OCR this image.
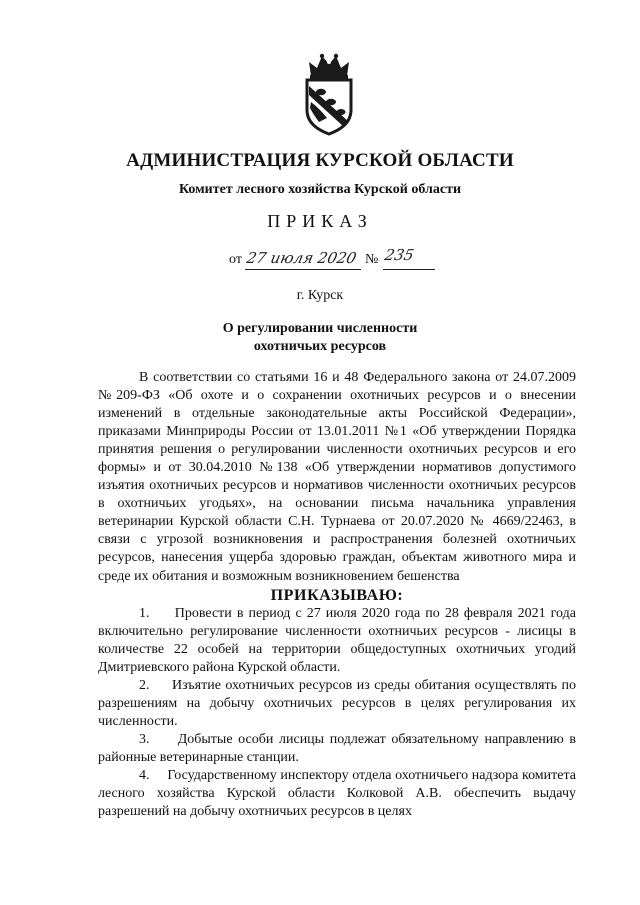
АДМИНИСТРАЦИЯ КУРСКОЙ ОБЛАСТИ
Комитет лесного хозяйства Курской области
ПРИКАЗ
от 27 июля 2020 № 235
г. Курск
О регулировании численности
охотничьих ресурсов

В соответствии со статьями 16 и 48 Федерального закона от 24.07.2009 №209-ФЗ «Об охоте и о сохранении охотничьих ресурсов и о внесении изменений в отдельные законодательные акты Российской Федерации», приказами Минприроды России от 13.01.2011 №1 «Об утверждении Порядка принятия решения о регулировании численности охотничьих ресурсов и его формы» и от 30.04.2010 №138 «Об утверждении нормативов допустимого изъятия охотничьих ресурсов и нормативов численности охотничьих ресурсов в охотничьих угодьях», на основании письма начальника управления ветеринарии Курской области С.Н. Турнаева от 20.07.2020 № 4669/22463, в связи с угрозой возникновения и распространения болезней охотничьих ресурсов, нанесения ущерба здоровью граждан, объектам животного мира и среде их обитания и возможным возникновением бешенства

ПРИКАЗЫВАЮ:

1. Провести в период с 27 июля 2020 года по 28 февраля 2021 года включительно регулирование численности охотничьих ресурсов - лисицы в количестве 22 особей на территории общедоступных охотничьих угодий Дмитриевского района Курской области.

2. Изъятие охотничьих ресурсов из среды обитания осуществлять по разрешениям на добычу охотничьих ресурсов в целях регулирования их численности.

3. Добытые особи лисицы подлежат обязательному направлению в районные ветеринарные станции.

4. Государственному инспектору отдела охотничьего надзора комитета лесного хозяйства Курской области Колковой А.В. обеспечить выдачу разрешений на добычу охотничьих ресурсов в целях
